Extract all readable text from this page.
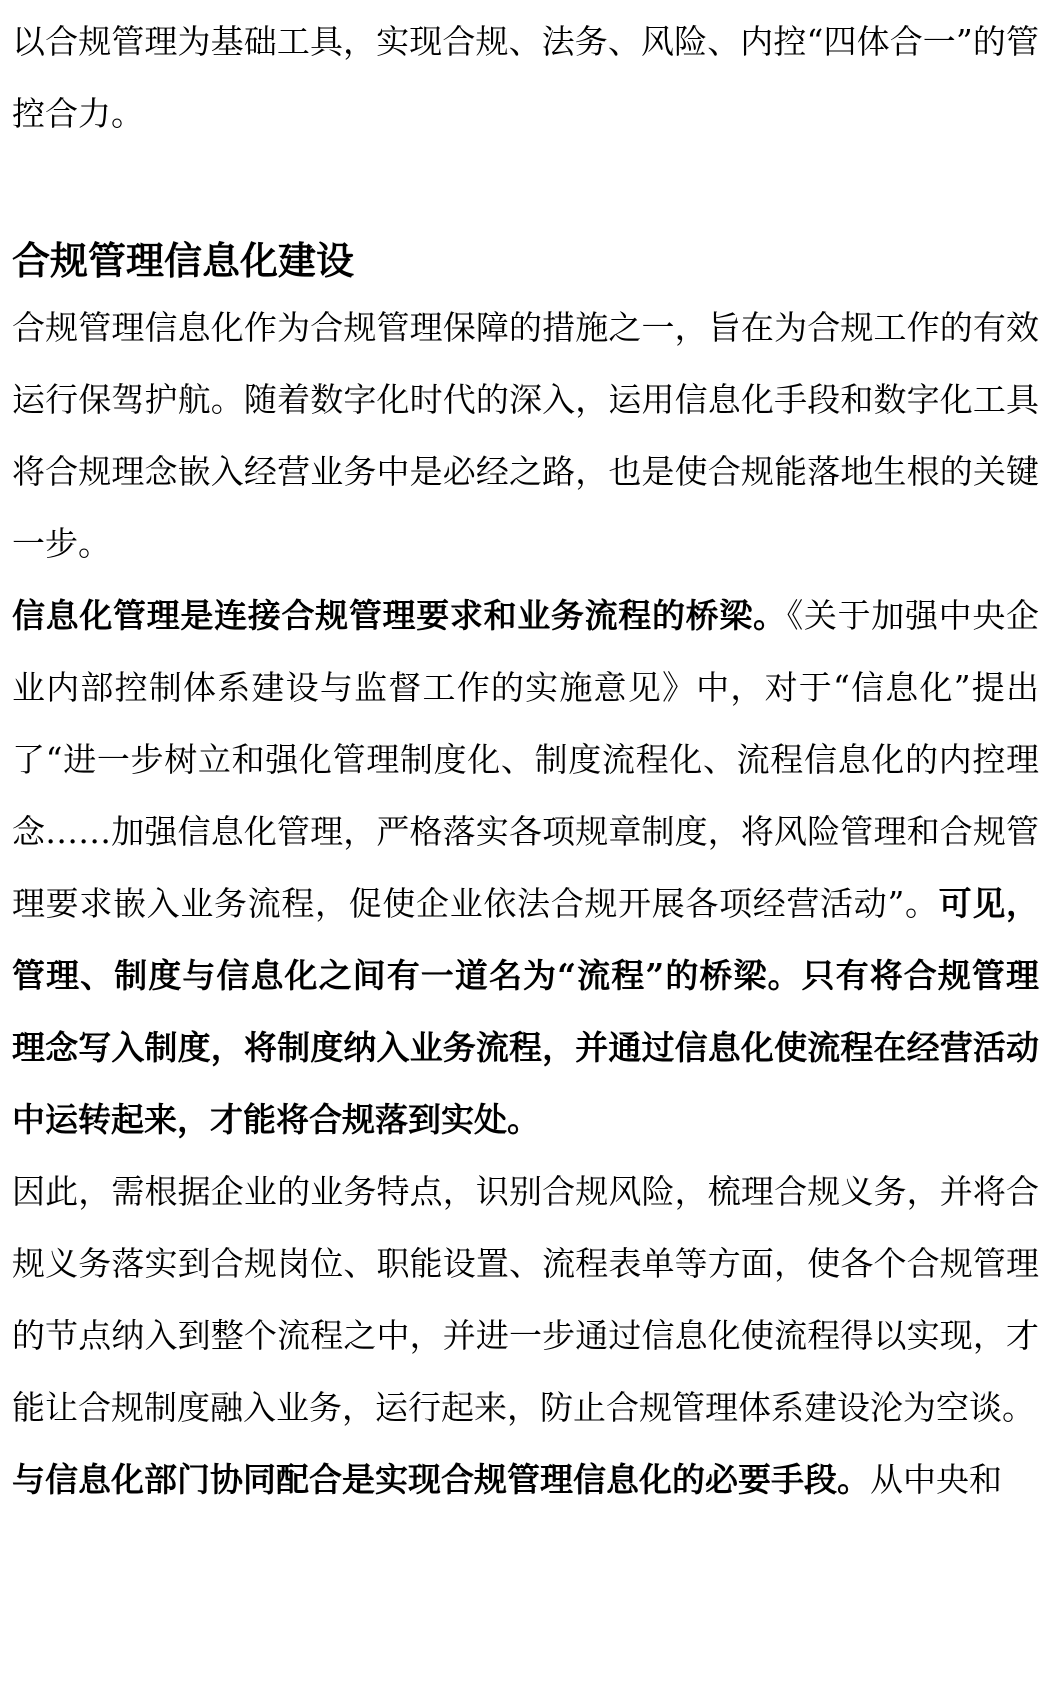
以合规管理为基础工具，实现合规、法务、风险、内控“四体合一”的管控合力。

合规管理信息化建设

合规管理信息化作为合规管理保障的措施之一，旨在为合规工作的有效运行保驾护航。随着数字化时代的深入，运用信息化手段和数字化工具将合规理念嵌入经营业务中是必经之路，也是使合规能落地生根的关键一步。

信息化管理是连接合规管理要求和业务流程的桥梁。《关于加强中央企业内部控制体系建设与监督工作的实施意见》中，对于“信息化”提出了“进一步树立和强化管理制度化、制度流程化、流程信息化的内控理念……加强信息化管理，严格落实各项规章制度，将风险管理和合规管理要求嵌入业务流程，促使企业依法合规开展各项经营活动”。可见，管理、制度与信息化之间有一道名为“流程”的桥梁。只有将合规管理理念写入制度，将制度纳入业务流程，并通过信息化使流程在经营活动中运转起来，才能将合规落到实处。

因此，需根据企业的业务特点，识别合规风险，梳理合规义务，并将合规义务落实到合规岗位、职能设置、流程表单等方面，使各个合规管理的节点纳入到整个流程之中，并进一步通过信息化使流程得以实现，才能让合规制度融入业务，运行起来，防止合规管理体系建设沦为空谈。

与信息化部门协同配合是实现合规管理信息化的必要手段。从中央和
